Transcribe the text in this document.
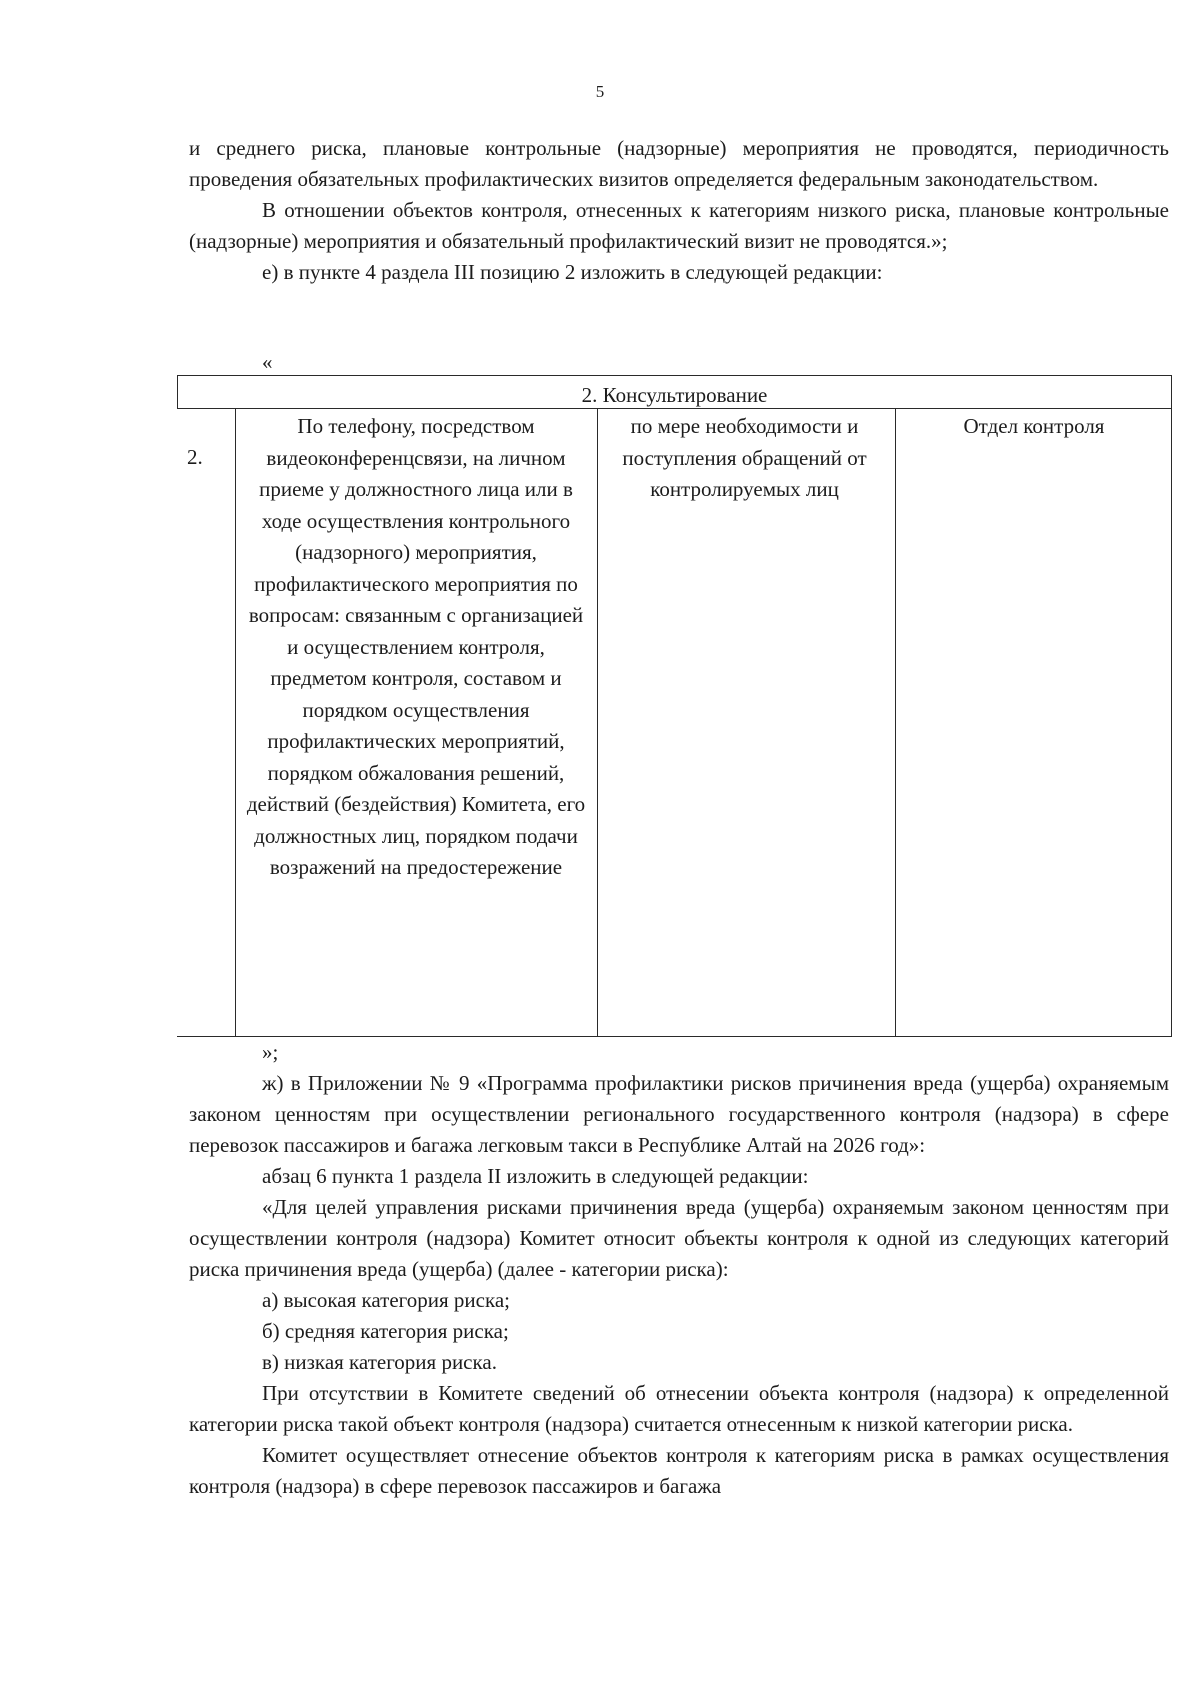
5

и среднего риска, плановые контрольные (надзорные) мероприятия не проводятся, периодичность проведения обязательных профилактических визитов определяется федеральным законодательством.

В отношении объектов контроля, отнесенных к категориям низкого риска, плановые контрольные (надзорные) мероприятия и обязательный профилактический визит не проводятся.»;

е) в пункте 4 раздела III позицию 2 изложить в следующей редакции:

«
2. Консультирование
2.
По телефону, посредством видеоконференцсвязи, на личном приеме у должностного лица или в ходе осуществления контрольного (надзорного) мероприятия, профилактического мероприятия по вопросам: связанным с организацией и осуществлением контроля, предметом контроля, составом и порядком осуществления профилактических мероприятий, порядком обжалования решений, действий (бездействия) Комитета, его должностных лиц, порядком подачи возражений на предостережение
по мере необходимости и поступления обращений от контролируемых лиц
Отдел контроля
»;

ж) в Приложении № 9 «Программа профилактики рисков причинения вреда (ущерба) охраняемым законом ценностям при осуществлении регионального государственного контроля (надзора) в сфере перевозок пассажиров и багажа легковым такси в Республике Алтай на 2026 год»:

абзац 6 пункта 1 раздела II изложить в следующей редакции:

«Для целей управления рисками причинения вреда (ущерба) охраняемым законом ценностям при осуществлении контроля (надзора) Комитет относит объекты контроля к одной из следующих категорий риска причинения вреда (ущерба) (далее - категории риска):

а) высокая категория риска;

б) средняя категория риска;

в) низкая категория риска.

При отсутствии в Комитете сведений об отнесении объекта контроля (надзора) к определенной категории риска такой объект контроля (надзора) считается отнесенным к низкой категории риска.

Комитет осуществляет отнесение объектов контроля к категориям риска в рамках осуществления контроля (надзора) в сфере перевозок пассажиров и багажа
